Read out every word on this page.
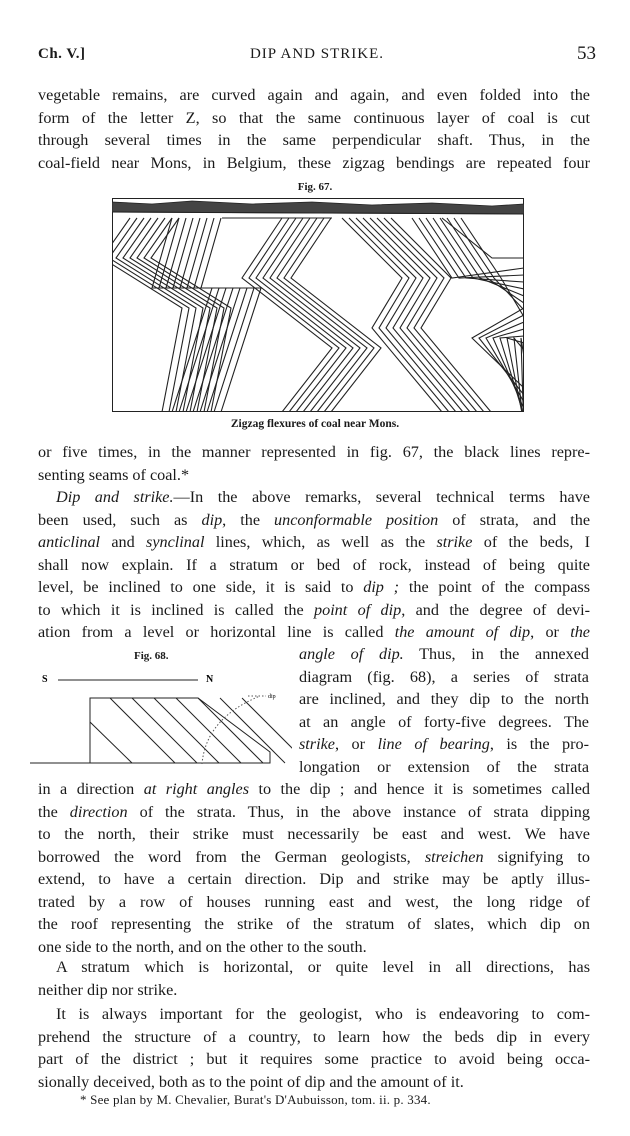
Ch. V.]	DIP AND STRIKE.	53
vegetable remains, are curved again and again, and even folded into the
form of the letter Z, so that the same continuous layer of coal is cut
through several times in the same perpendicular shaft. Thus, in the
coal-field near Mons, in Belgium, these zigzag bendings are repeated four
Fig. 67.
Zigzag flexures of coal near Mons.
or five times, in the manner represented in fig. 67, the black lines repre-
senting seams of coal.*
Dip and strike.—In the above remarks, several technical terms have
been used, such as dip, the unconformable position of strata, and the
anticlinal and synclinal lines, which, as well as the strike of the beds, I
shall now explain. If a stratum or bed of rock, instead of being quite
level, be inclined to one side, it is said to dip ; the point of the compass
to which it is inclined is called the point of dip, and the degree of devi-
ation from a level or horizontal line is called the amount of dip, or the
Fig. 68.
S	N
dip
angle of dip. Thus, in the annexed
diagram (fig. 68), a series of strata
are inclined, and they dip to the north
at an angle of forty-five degrees. The
strike, or line of bearing, is the pro-
longation or extension of the strata
in a direction at right angles to the dip ; and hence it is sometimes called
the direction of the strata. Thus, in the above instance of strata dipping
to the north, their strike must necessarily be east and west. We have
borrowed the word from the German geologists, streichen signifying to
extend, to have a certain direction. Dip and strike may be aptly illus-
trated by a row of houses running east and west, the long ridge of
the roof representing the strike of the stratum of slates, which dip on
one side to the north, and on the other to the south.
A stratum which is horizontal, or quite level in all directions, has
neither dip nor strike.
It is always important for the geologist, who is endeavoring to com-
prehend the structure of a country, to learn how the beds dip in every
part of the district ; but it requires some practice to avoid being occa-
sionally deceived, both as to the point of dip and the amount of it.
* See plan by M. Chevalier, Burat's D'Aubuisson, tom. ii. p. 334.
